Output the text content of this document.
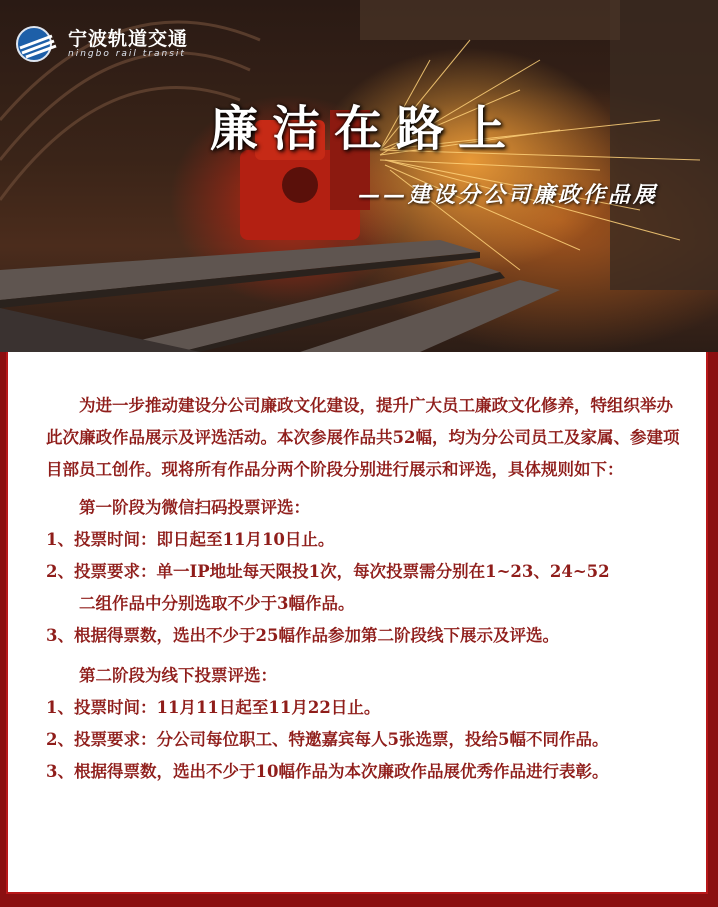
宁波轨道交通
ningbo rail transit
廉洁在路上
——建设分公司廉政作品展

为进一步推动建设分公司廉政文化建设，提升广大员工廉政文化修养，特组织举办此次廉政作品展示及评选活动。本次参展作品共52幅，均为分公司员工及家属、参建项目部员工创作。现将所有作品分两个阶段分别进行展示和评选，具体规则如下：

第一阶段为微信扫码投票评选：

1、投票时间：即日起至11月10日止。

2、投票要求：单一IP地址每天限投1次，每次投票需分别在1~23、24~52

二组作品中分别选取不少于3幅作品。

3、根据得票数，选出不少于25幅作品参加第二阶段线下展示及评选。

第二阶段为线下投票评选：

1、投票时间：11月11日起至11月22日止。

2、投票要求：分公司每位职工、特邀嘉宾每人5张选票，投给5幅不同作品。

3、根据得票数，选出不少于10幅作品为本次廉政作品展优秀作品进行表彰。
